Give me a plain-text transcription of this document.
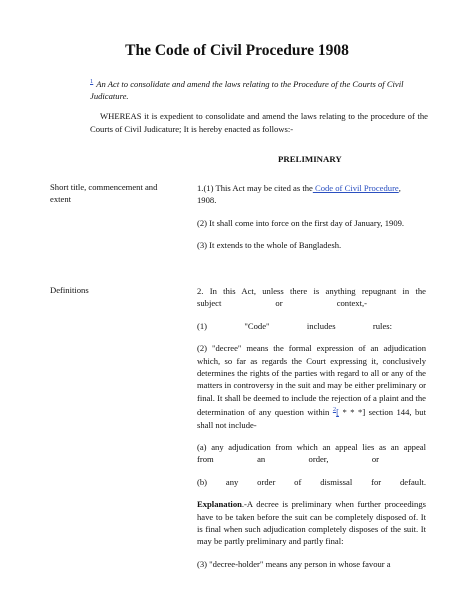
The Code of Civil Procedure 1908
$^1$ An Act to consolidate and amend the laws relating to the Procedure of the Courts of Civil Judicature.
WHEREAS it is expedient to consolidate and amend the laws relating to the procedure of the Courts of Civil Judicature; It is hereby enacted as follows:-
PRELIMINARY
Short title, commencement and extent

1.(1) This Act may be cited as the Code of Civil Procedure,
1908.

(2) It shall come into force on the first day of January, 1909.

(3) It extends to the whole of Bangladesh.

Definitions	2. In this Act, unless there is anything repugnant in the

subject or context,-

(1) "Code" includes rules:

(2) "decree" means the formal expression of an adjudication which, so far as regards the Court expressing it, conclusively determines the rights of the parties with regard to all or any of the matters in controversy in the suit and may be either preliminary or final. It shall be deemed to include the rejection of a plaint and the determination of any question within $^2$[ * * *] section 144, but shall not include-

(a) any adjudication from which an appeal lies as an appeal

from an order, or

(b) any order of dismissal for default.

Explanation.-A decree is preliminary when further proceedings have to be taken before the suit can be completely disposed of. It is final when such adjudication completely disposes of the suit. It may be partly preliminary and partly final:

(3) "decree-holder" means any person in whose favour a
